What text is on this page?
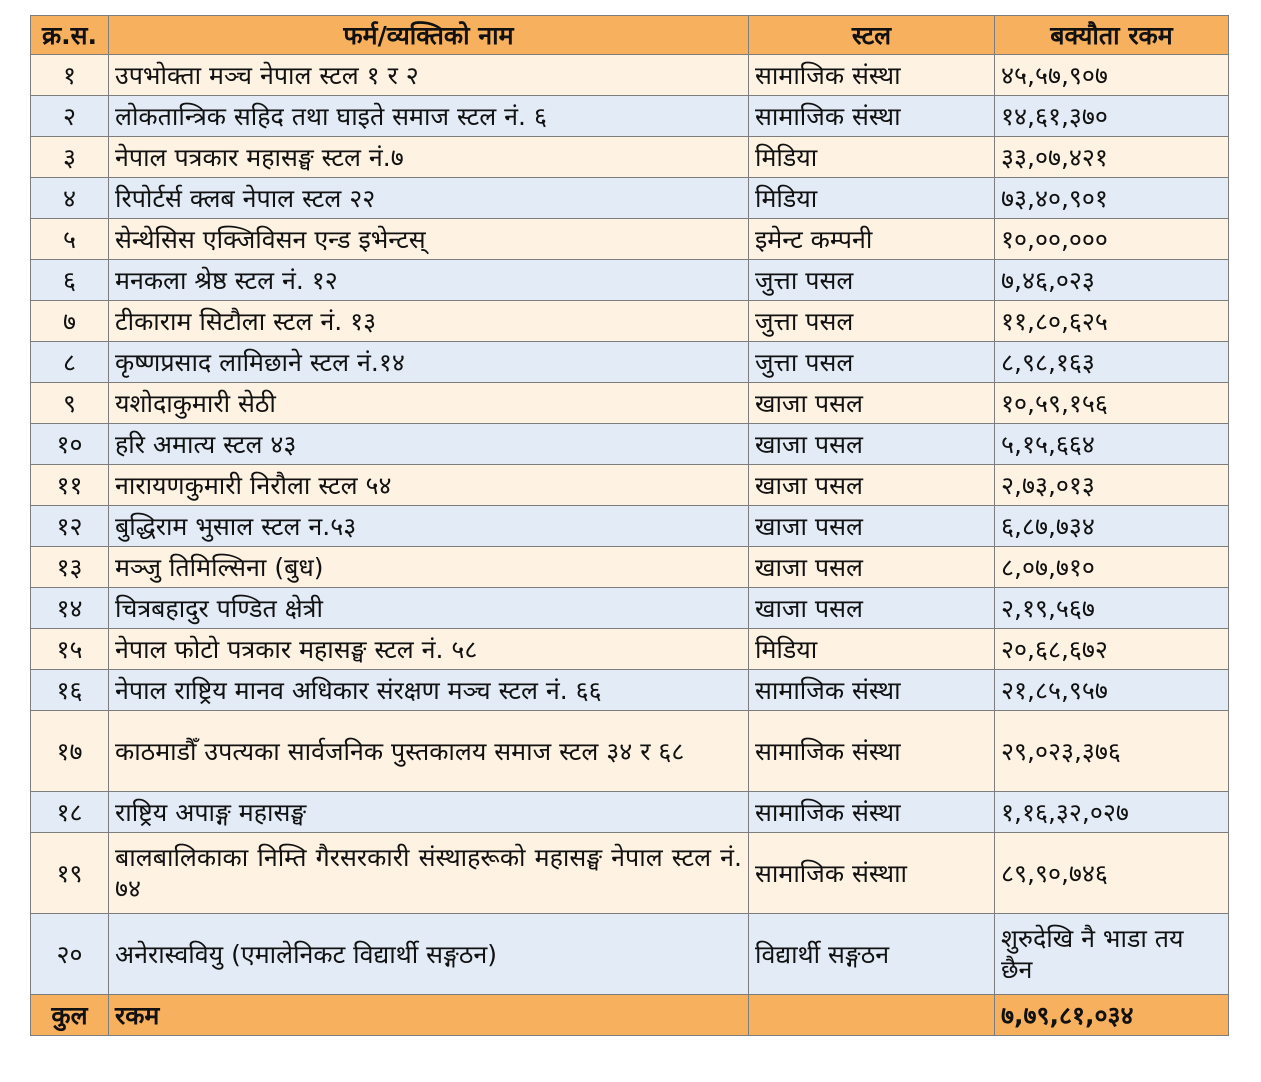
क्र.स.	फर्म/व्यक्तिको नाम	स्टल	बक्यौता रकम
१	उपभोक्ता मञ्च नेपाल स्टल १ र २	सामाजिक संस्था	४५,५७,९०७
२	लोकतान्त्रिक सहिद तथा घाइते समाज स्टल नं. ६	सामाजिक संस्था	१४,६१,३७०
३	नेपाल पत्रकार महासङ्घ स्टल नं.७	मिडिया	३३,०७,४२१
४	रिपोर्टर्स क्लब नेपाल स्टल २२	मिडिया	७३,४०,९०१
५	सेन्थेसिस एक्जिविसन एन्ड इभेन्टस्	इमेन्ट कम्पनी	१०,००,०००
६	मनकला श्रेष्ठ स्टल नं. १२	जुत्ता पसल	७,४६,०२३
७	टीकाराम सिटौला स्टल नं. १३	जुत्ता पसल	११,८०,६२५
८	कृष्णप्रसाद लामिछाने स्टल नं.१४	जुत्ता पसल	८,९८,१६३
९	यशोदाकुमारी सेठी	खाजा पसल	१०,५९,१५६
१०	हरि अमात्य स्टल ४३	खाजा पसल	५,१५,६६४
११	नारायणकुमारी निरौला स्टल ५४	खाजा पसल	२,७३,०१३
१२	बुद्धिराम भुसाल स्टल न.५३	खाजा पसल	६,८७,७३४
१३	मञ्जु तिमिल्सिना (बुध)	खाजा पसल	८,०७,७१०
१४	चित्रबहादुर पण्डित क्षेत्री	खाजा पसल	२,१९,५६७
१५	नेपाल फोटो पत्रकार महासङ्घ स्टल नं. ५८	मिडिया	२०,६८,६७२
१६	नेपाल राष्ट्रिय मानव अधिकार संरक्षण मञ्च स्टल नं. ६६	सामाजिक संस्था	२१,८५,९५७
१७	काठमाडौँ उपत्यका सार्वजनिक पुस्तकालय समाज स्टल ३४ र ६८	सामाजिक संस्था	२९,०२३,३७६
१८	राष्ट्रिय अपाङ्ग महासङ्घ	सामाजिक संस्था	१,१६,३२,०२७
१९	बालबालिकाका निम्ति गैरसरकारी संस्थाहरूको महासङ्घ नेपाल स्टल नं. ७४	सामाजिक संस्थाा	८९,९०,७४६
२०	अनेरास्ववियु (एमालेनिकट विद्यार्थी सङ्गठन)	विद्यार्थी सङ्गठन	शुरुदेखि नै भाडा तय छैन
कुल	रकम		७,७९,८१,०३४
